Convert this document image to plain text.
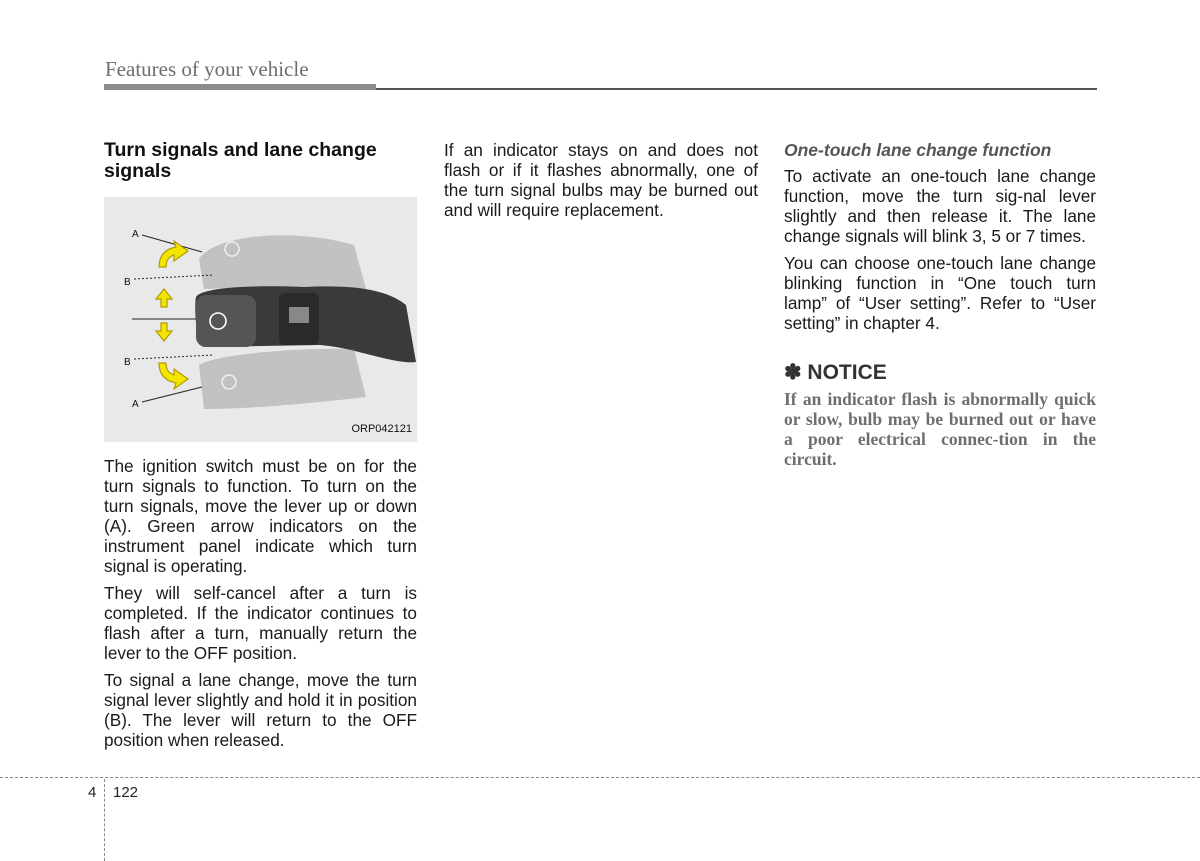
Features of your vehicle
Turn signals and lane change signals
A
B
B
A
ORP042121

The ignition switch must be on for the turn signals to function. To turn on the turn signals, move the lever up or down (A). Green arrow indicators on the instrument panel indicate which turn signal is operating.

They will self-cancel after a turn is completed. If the indicator continues to flash after a turn, manually return the lever to the OFF position.

To signal a lane change, move the turn signal lever slightly and hold it in position (B). The lever will return to the OFF position when released.

If an indicator stays on and does not flash or if it flashes abnormally, one of the turn signal bulbs may be burned out and will require replacement.

One-touch lane change function

To activate an one-touch lane change function, move the turn sig-nal lever slightly and then release it. The lane change signals will blink 3, 5 or 7 times.

You can choose one-touch lane change blinking function in “One touch turn lamp” of “User setting”. Refer to “User setting” in chapter 4.

✽ NOTICE
If an indicator flash is abnormally quick or slow, bulb may be burned out or have a poor electrical connec-tion in the circuit.
4 122
